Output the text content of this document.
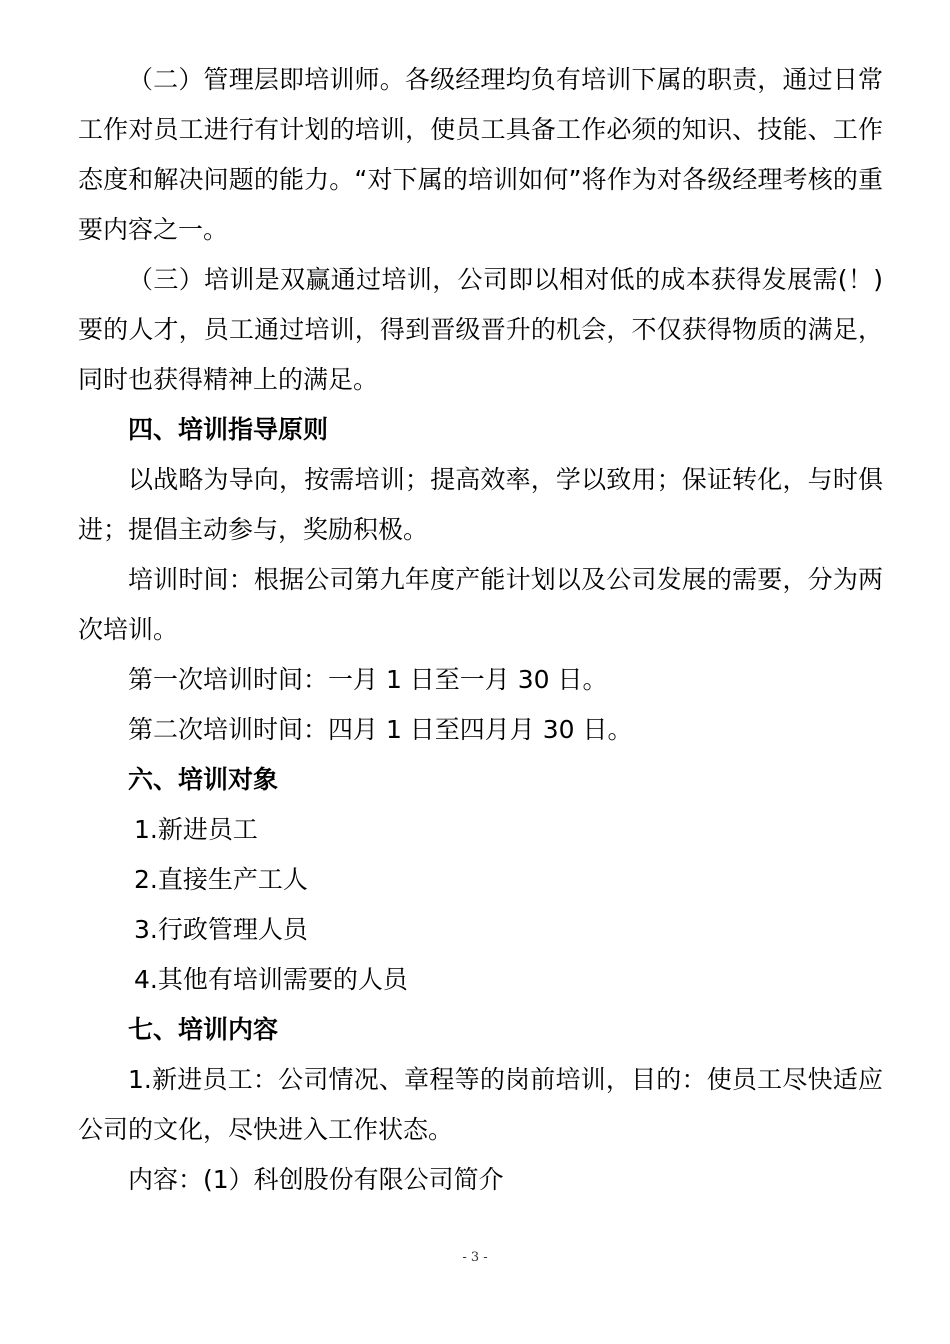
（二）管理层即培训师。各级经理均负有培训下属的职责，通过日常工作对员工进行有计划的培训，使员工具备工作必须的知识、技能、工作态度和解决问题的能力。“对下属的培训如何”将作为对各级经理考核的重要内容之一。

（三）培训是双赢通过培训，公司即以相对低的成本获得发展需(！)要的人才，员工通过培训，得到晋级晋升的机会，不仅获得物质的满足，同时也获得精神上的满足。

四、培训指导原则

以战略为导向，按需培训；提高效率，学以致用；保证转化，与时俱进；提倡主动参与，奖励积极。

培训时间：根据公司第九年度产能计划以及公司发展的需要，分为两次培训。

第一次培训时间：一月 1 日至一月 30 日。

第二次培训时间：四月 1 日至四月月 30 日。

六、培训对象

1.新进员工

2.直接生产工人

3.行政管理人员

4.其他有培训需要的人员

七、培训内容

1.新进员工：公司情况、章程等的岗前培训，目的：使员工尽快适应公司的文化，尽快进入工作状态。

内容：(1）科创股份有限公司简介

- 3 -
